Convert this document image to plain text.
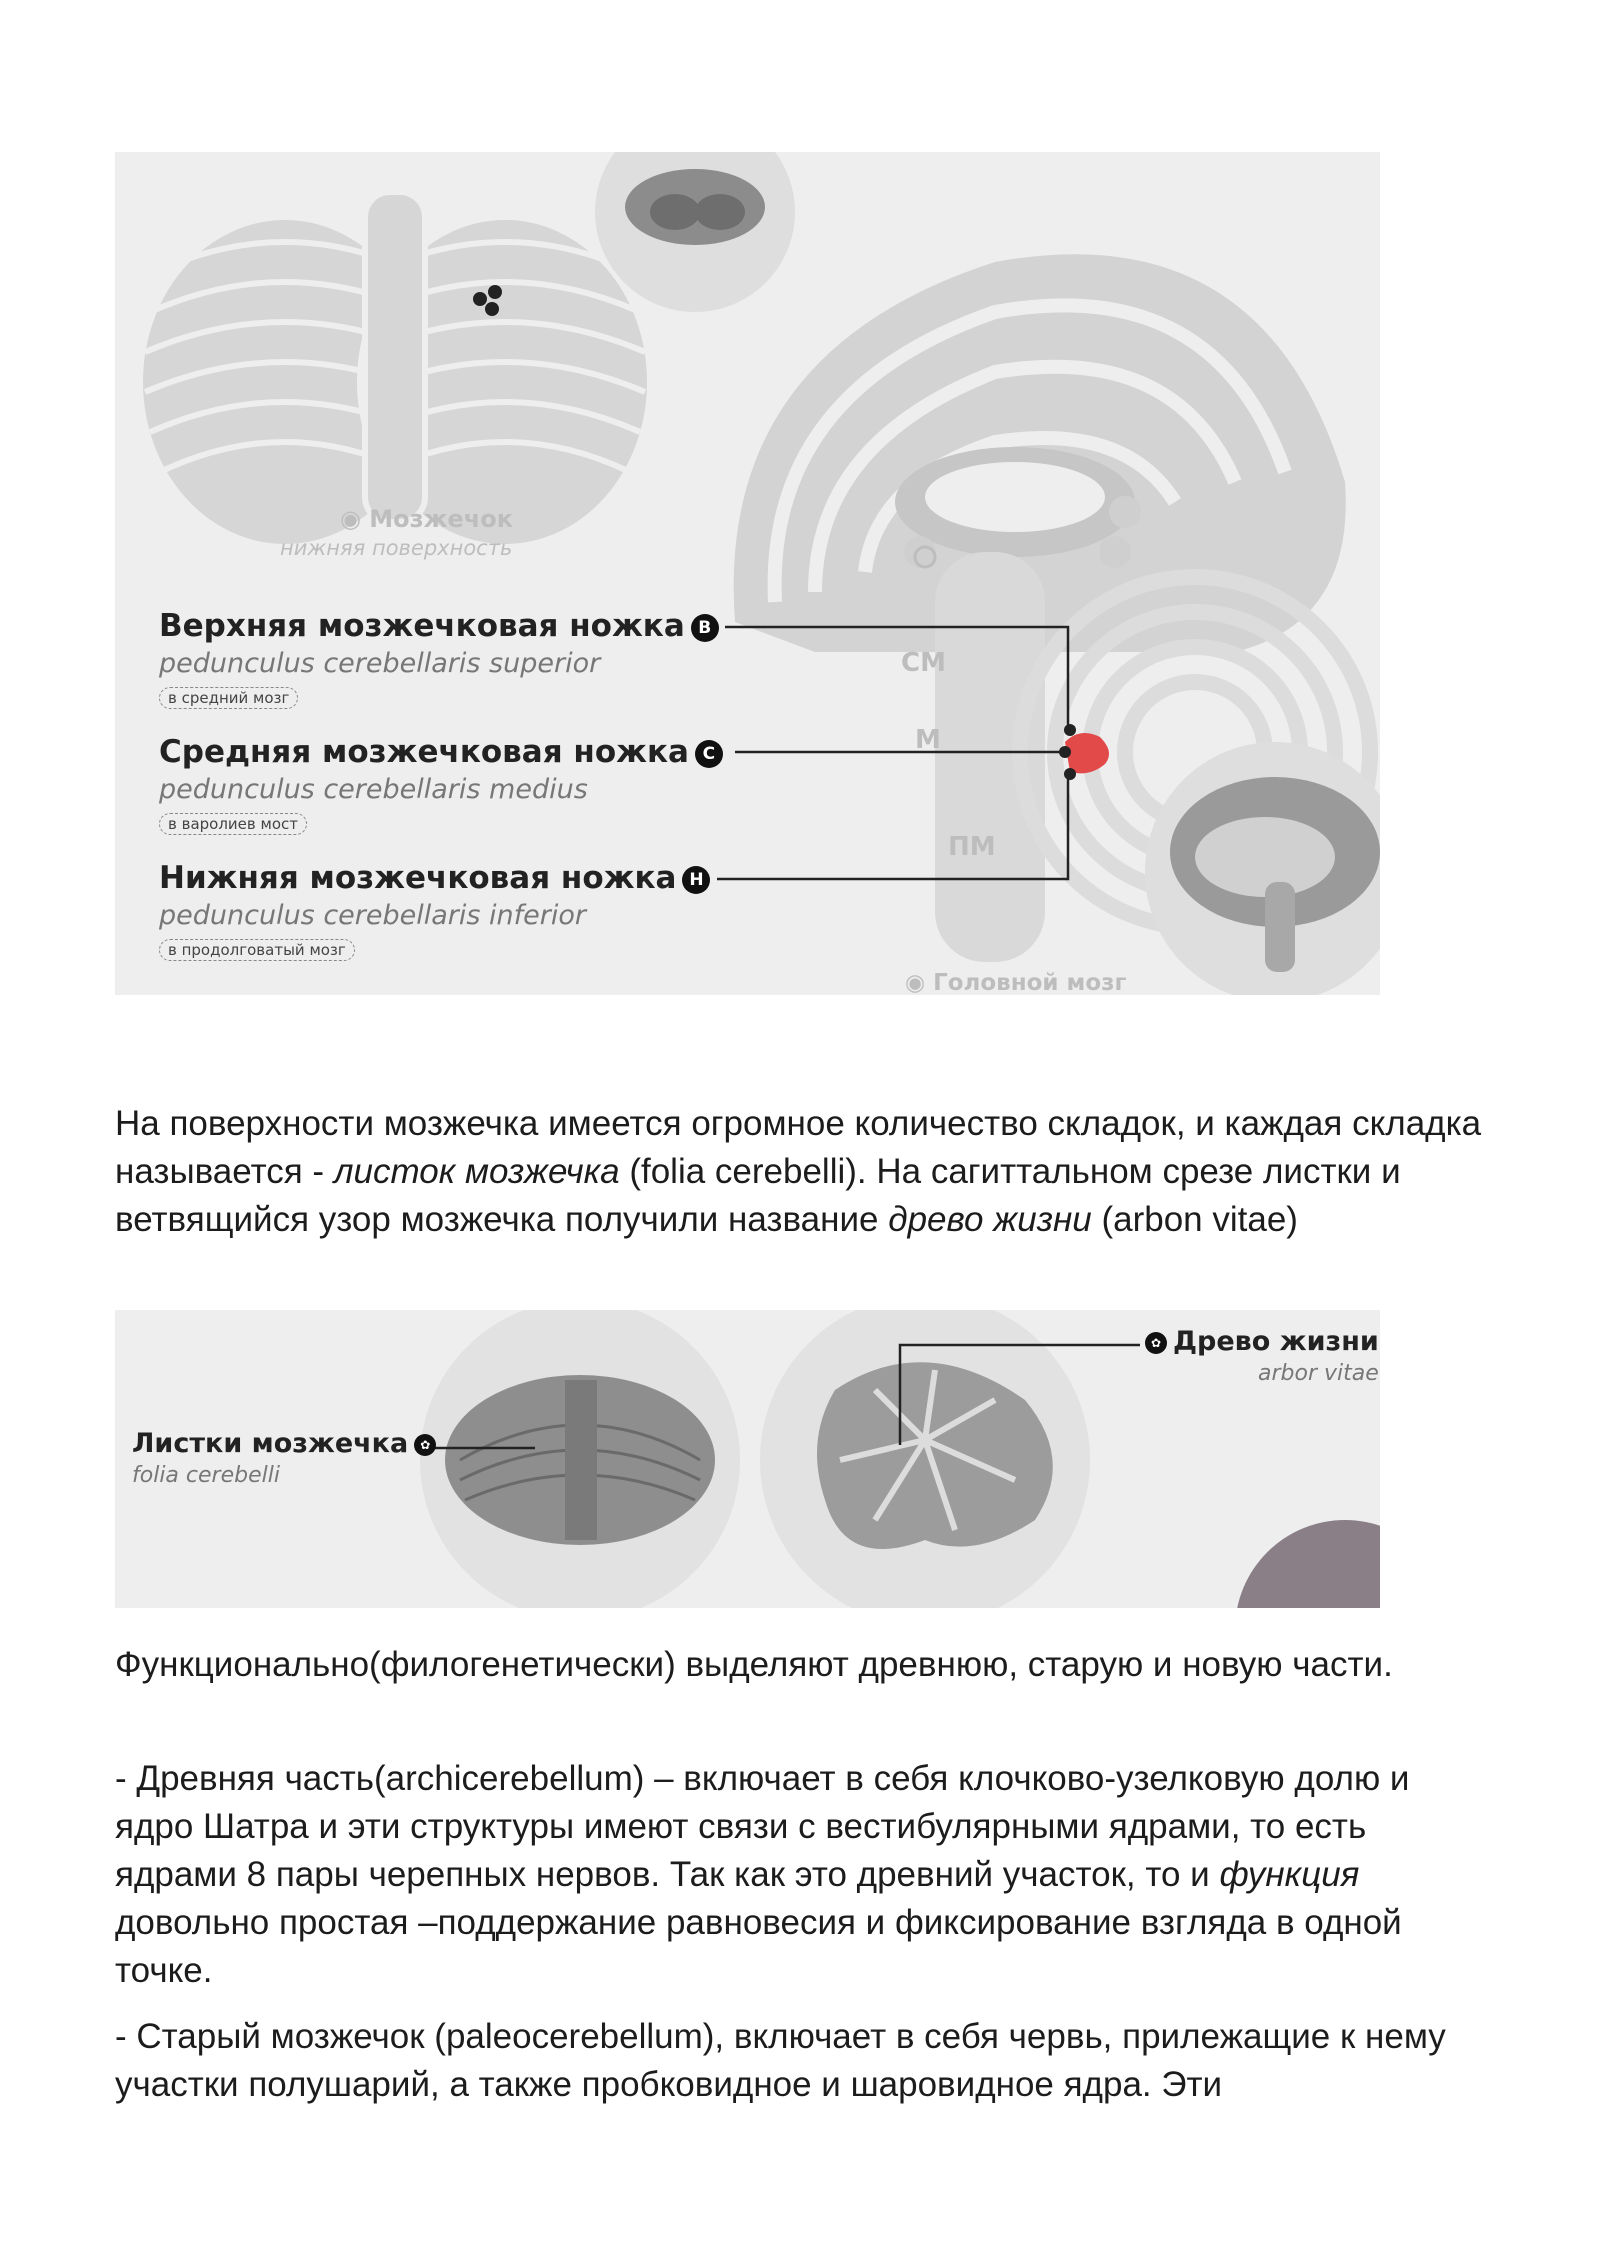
◉ Мозжечок
нижняя поверхность
СМ
М
ПМ
◉ Головной мозг
Верхняя мозжечковая ножка В
pedunculus cerebellaris superior
в средний мозг
Средняя мозжечковая ножка С
pedunculus cerebellaris medius
в варолиев мост
Нижняя мозжечковая ножка Н
pedunculus cerebellaris inferior
в продолговатый мозг

На поверхности мозжечка имеется огромное количество складок, и каждая складка называется - листок мозжечка (folia cerebelli). На сагиттальном срезе листки и ветвящийся узор мозжечка получили название древо жизни (arbon vitae)

Листки мозжечка ✿
folia cerebelli
✿ Древо жизни
arbor vitae

Функционально(филогенетически) выделяют древнюю, старую и новую части.

- Древняя часть(archicerebellum) – включает в себя клочково-узелковую долю и ядро Шатра и эти структуры имеют связи с вестибулярными ядрами, то есть ядрами 8 пары черепных нервов. Так как это древний участок, то и функция довольно простая –поддержание равновесия и фиксирование взгляда в одной точке.

- Старый мозжечок (paleocerebellum), включает в себя червь, прилежащие к нему участки полушарий, а также пробковидное и шаровидное ядра. Эти
